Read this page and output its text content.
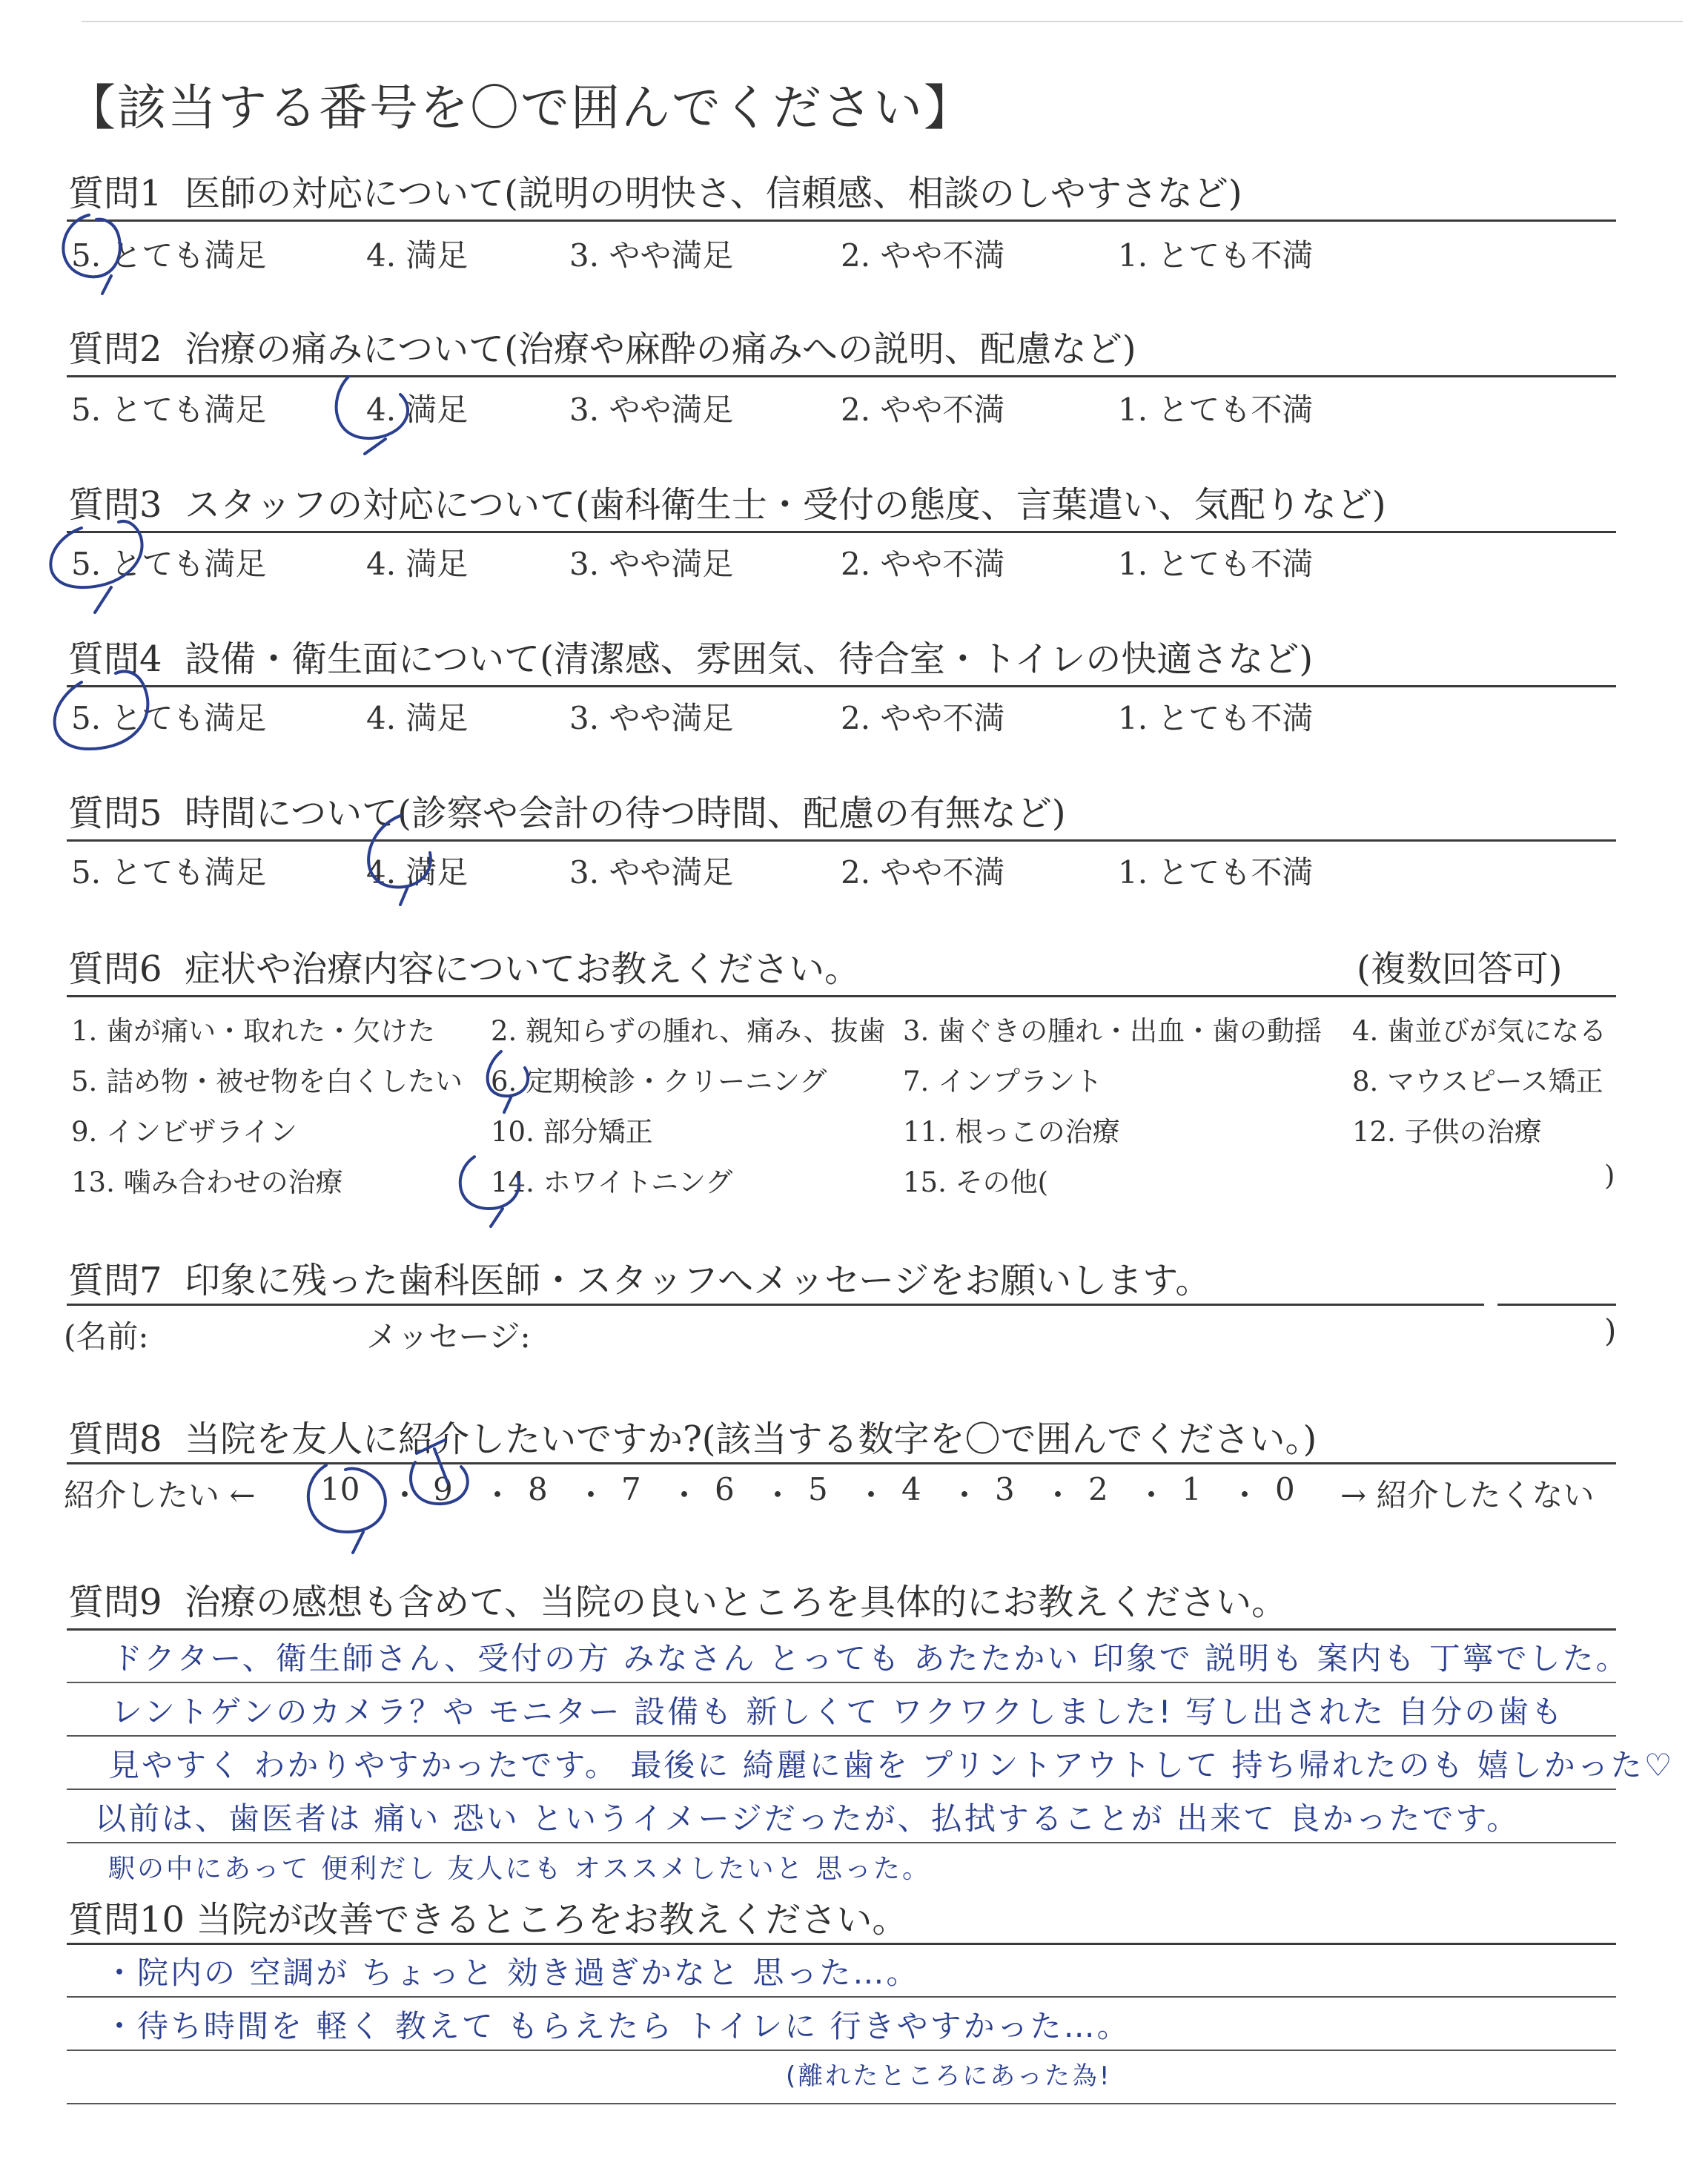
【該当する番号を〇で囲んでください】
質問1 医師の対応について(説明の明快さ、信頼感、相談のしやすさなど)
5. とても満足	4. 満足	3. やや満足	2. やや不満	1. とても不満
質問2 治療の痛みについて(治療や麻酔の痛みへの説明、配慮など)
5. とても満足	4. 満足	3. やや満足	2. やや不満	1. とても不満
質問3 スタッフの対応について(歯科衛生士・受付の態度、言葉遣い、気配りなど)
5. とても満足	4. 満足	3. やや満足	2. やや不満	1. とても不満
質問4 設備・衛生面について(清潔感、雰囲気、待合室・トイレの快適さなど)
5. とても満足	4. 満足	3. やや満足	2. やや不満	1. とても不満
質問5 時間について(診察や会計の待つ時間、配慮の有無など)
5. とても満足	4. 満足	3. やや満足	2. やや不満	1. とても不満
質問6 症状や治療内容についてお教えください。	(複数回答可)
1. 歯が痛い・取れた・欠けた 2. 親知らずの腫れ、痛み、抜歯 3. 歯ぐきの腫れ・出血・歯の動揺 4. 歯並びが気になる
5. 詰め物・被せ物を白くしたい 6. 定期検診・クリーニング	7. インプラント	8. マウスピース矯正
9. インビザライン	10. 部分矯正	11. 根っこの治療	12. 子供の治療
13. 噛み合わせの治療	14. ホワイトニング	15. その他(	)
質問7 印象に残った歯科医師・スタッフへメッセージをお願いします。
(名前:	メッセージ:	)
質問8 当院を友人に紹介したいですか?(該当する数字を〇で囲んでください。)
紹介したい ←	→ 紹介したくない
10 ・ 9 ・ 8 ・ 7 ・ 6 ・ 5 ・ 4 ・ 3 ・ 2 ・ 1 ・ 0
質問9 治療の感想も含めて、当院の良いところを具体的にお教えください。
ドクター、衛生師さん、受付の方 みなさん とっても あたたかい 印象で 説明も 案内も 丁寧でした。
レントゲンのカメラ？や モニター 設備も 新しくて ワクワクしました! 写し出された 自分の歯も
見やすく わかりやすかったです。 最後に 綺麗に歯を プリントアウトして 持ち帰れたのも 嬉しかった♡
以前は、歯医者は 痛い 恐い というイメージだったが、払拭することが 出来て 良かったです。
駅の中にあって 便利だし 友人にも オススメしたいと 思った。
質問10 当院が改善できるところをお教えください。
・院内の 空調が ちょっと 効き過ぎかなと 思った…。
・待ち時間を 軽く 教えて もらえたら トイレに 行きやすかった…。
(離れたところにあった為!
